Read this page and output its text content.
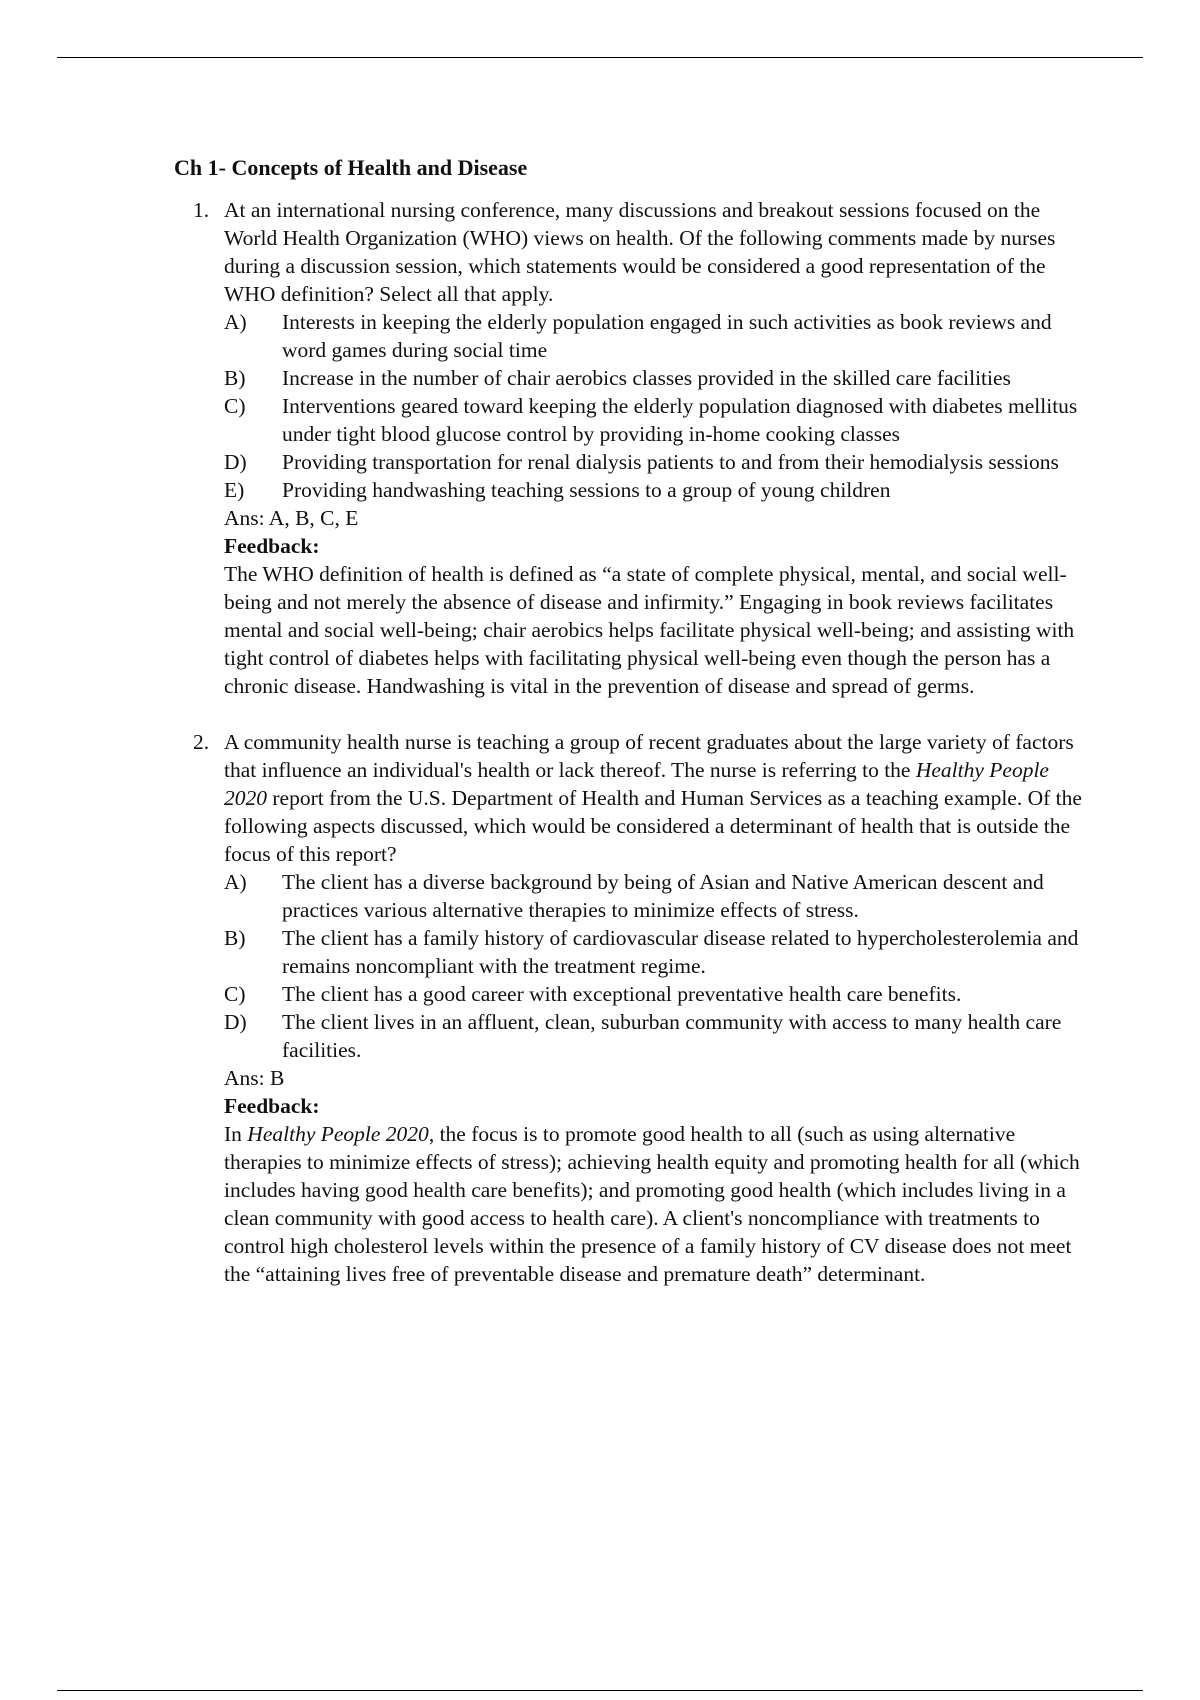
Ch 1- Concepts of Health and Disease
1. At an international nursing conference, many discussions and breakout sessions focused on the World Health Organization (WHO) views on health. Of the following comments made by nurses during a discussion session, which statements would be considered a good representation of the WHO definition? Select all that apply.

A) Interests in keeping the elderly population engaged in such activities as book reviews and word games during social time
B) Increase in the number of chair aerobics classes provided in the skilled care facilities
C) Interventions geared toward keeping the elderly population diagnosed with diabetes mellitus under tight blood glucose control by providing in-home cooking classes
D) Providing transportation for renal dialysis patients to and from their hemodialysis sessions
E) Providing handwashing teaching sessions to a group of young children

Ans: A, B, C, E

Feedback:

The WHO definition of health is defined as “a state of complete physical, mental, and social well-being and not merely the absence of disease and infirmity.” Engaging in book reviews facilitates mental and social well-being; chair aerobics helps facilitate physical well-being; and assisting with tight control of diabetes helps with facilitating physical well-being even though the person has a chronic disease. Handwashing is vital in the prevention of disease and spread of germs.

2. A community health nurse is teaching a group of recent graduates about the large variety of factors that influence an individual's health or lack thereof. The nurse is referring to the Healthy People 2020 report from the U.S. Department of Health and Human Services as a teaching example. Of the following aspects discussed, which would be considered a determinant of health that is outside the focus of this report?

A) The client has a diverse background by being of Asian and Native American descent and practices various alternative therapies to minimize effects of stress.
B) The client has a family history of cardiovascular disease related to hypercholesterolemia and remains noncompliant with the treatment regime.
C) The client has a good career with exceptional preventative health care benefits.
D) The client lives in an affluent, clean, suburban community with access to many health care facilities.

Ans: B

Feedback:

In Healthy People 2020, the focus is to promote good health to all (such as using alternative therapies to minimize effects of stress); achieving health equity and promoting health for all (which includes having good health care benefits); and promoting good health (which includes living in a clean community with good access to health care). A client's noncompliance with treatments to control high cholesterol levels within the presence of a family history of CV disease does not meet the “attaining lives free of preventable disease and premature death” determinant.
